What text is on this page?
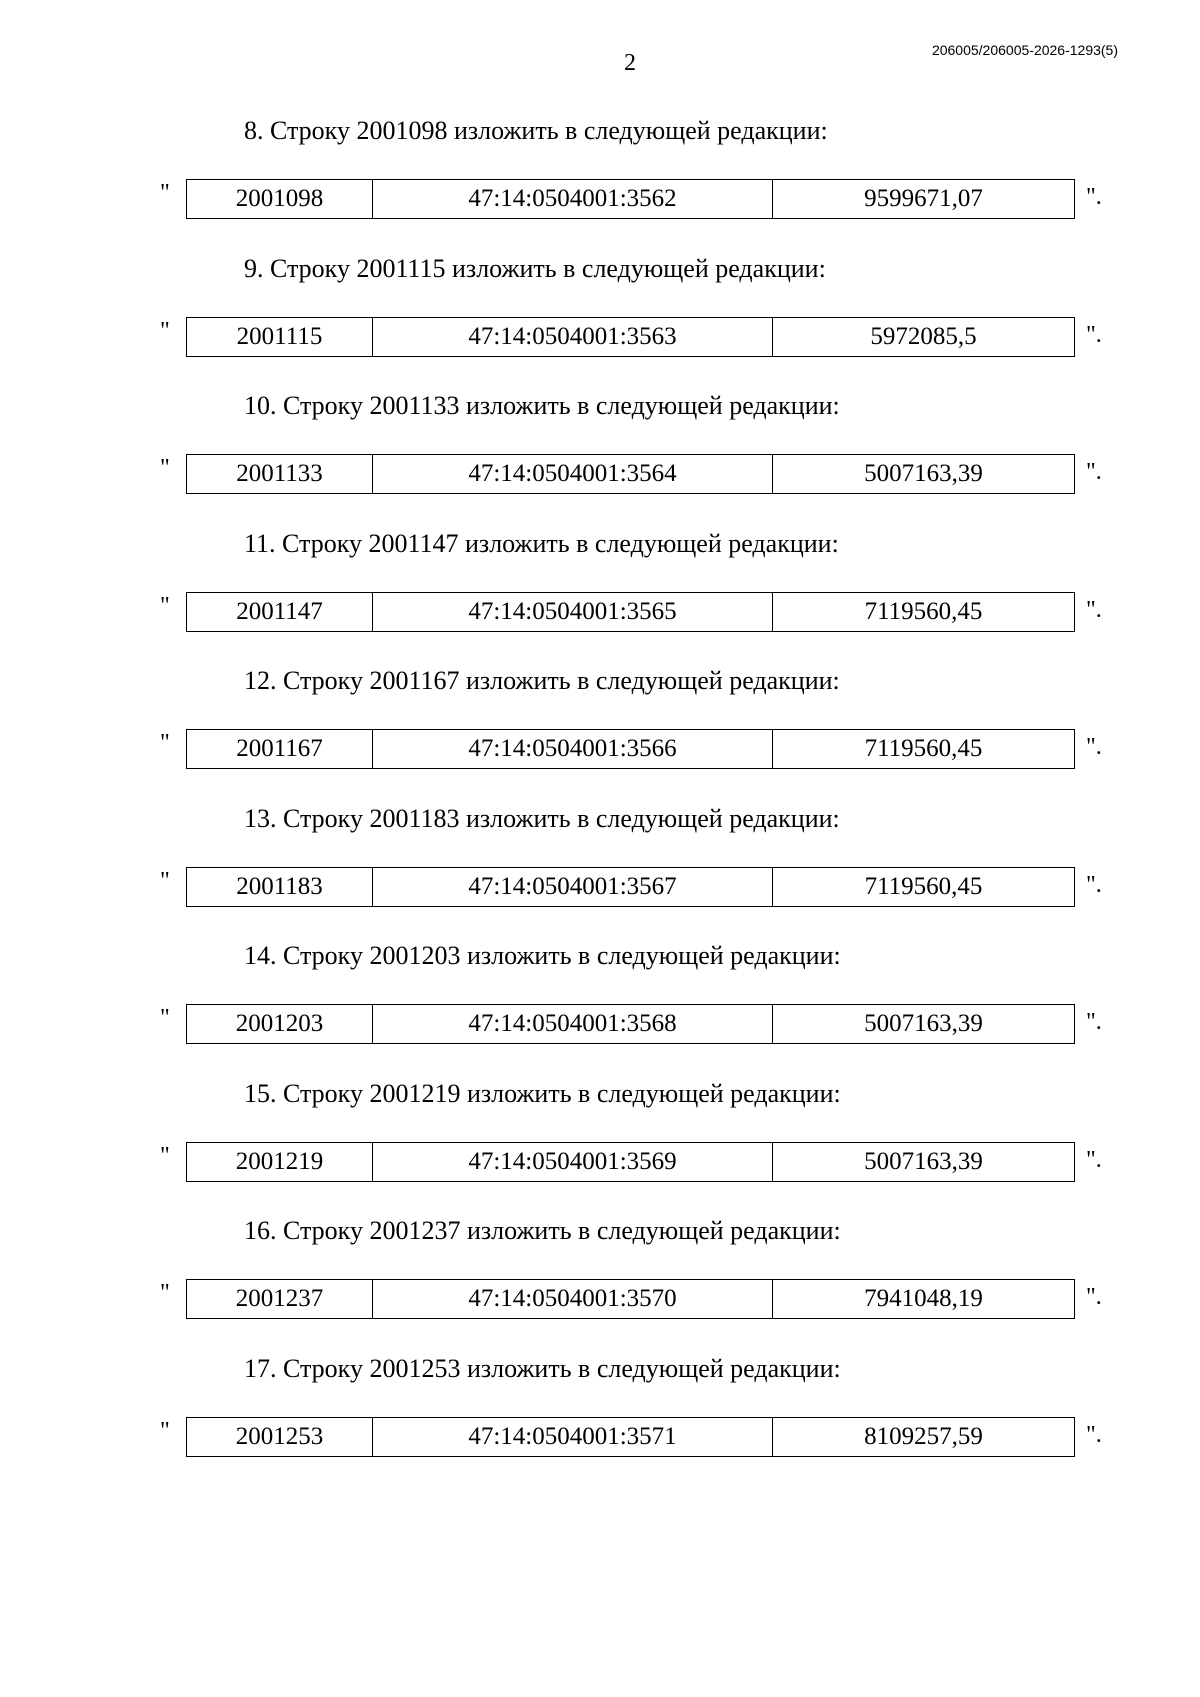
2	206005/206005-2026-1293(5)
8. Строку 2001098 изложить в следующей редакции:
"	2001098	47:14:0504001:3562	9599671,07	".
9. Строку 2001115 изложить в следующей редакции:
"	2001115	47:14:0504001:3563	5972085,5	".
10. Строку 2001133 изложить в следующей редакции:
"	2001133	47:14:0504001:3564	5007163,39	".
11. Строку 2001147 изложить в следующей редакции:
"	2001147	47:14:0504001:3565	7119560,45	".
12. Строку 2001167 изложить в следующей редакции:
"	2001167	47:14:0504001:3566	7119560,45	".
13. Строку 2001183 изложить в следующей редакции:
"	2001183	47:14:0504001:3567	7119560,45	".
14. Строку 2001203 изложить в следующей редакции:
"	2001203	47:14:0504001:3568	5007163,39	".
15. Строку 2001219 изложить в следующей редакции:
"	2001219	47:14:0504001:3569	5007163,39	".
16. Строку 2001237 изложить в следующей редакции:
"	2001237	47:14:0504001:3570	7941048,19	".
17. Строку 2001253 изложить в следующей редакции:
"	2001253	47:14:0504001:3571	8109257,59	".
